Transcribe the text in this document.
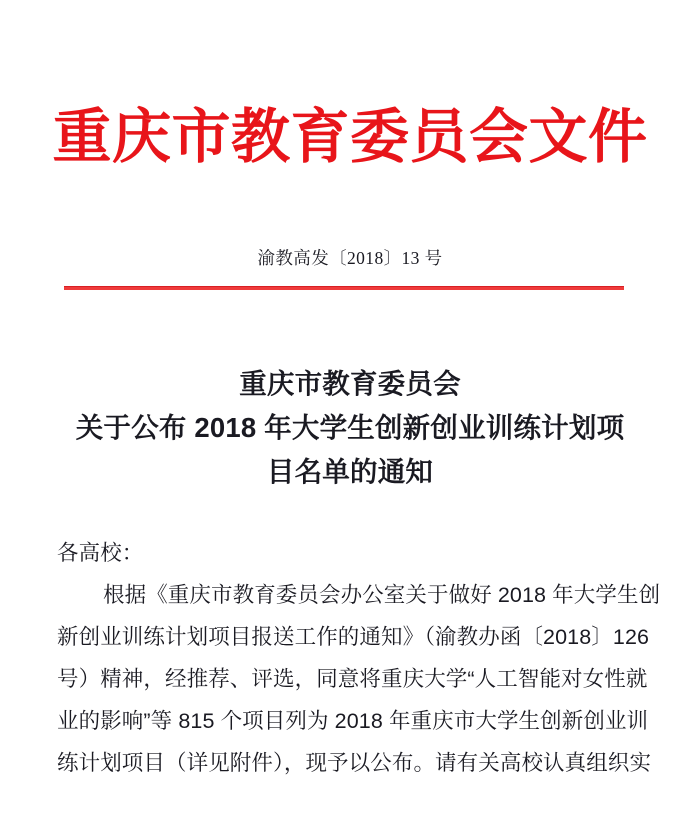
重庆市教育委员会文件
渝教高发〔2018〕13 号
重庆市教育委员会
关于公布 2018 年大学生创新创业训练计划项
目名单的通知
各高校：
根据《重庆市教育委员会办公室关于做好 2018 年大学生创
新创业训练计划项目报送工作的通知》（渝教办函〔2018〕126
号）精神，经推荐、评选，同意将重庆大学“人工智能对女性就
业的影响”等 815 个项目列为 2018 年重庆市大学生创新创业训
练计划项目（详见附件），现予以公布。请有关高校认真组织实
